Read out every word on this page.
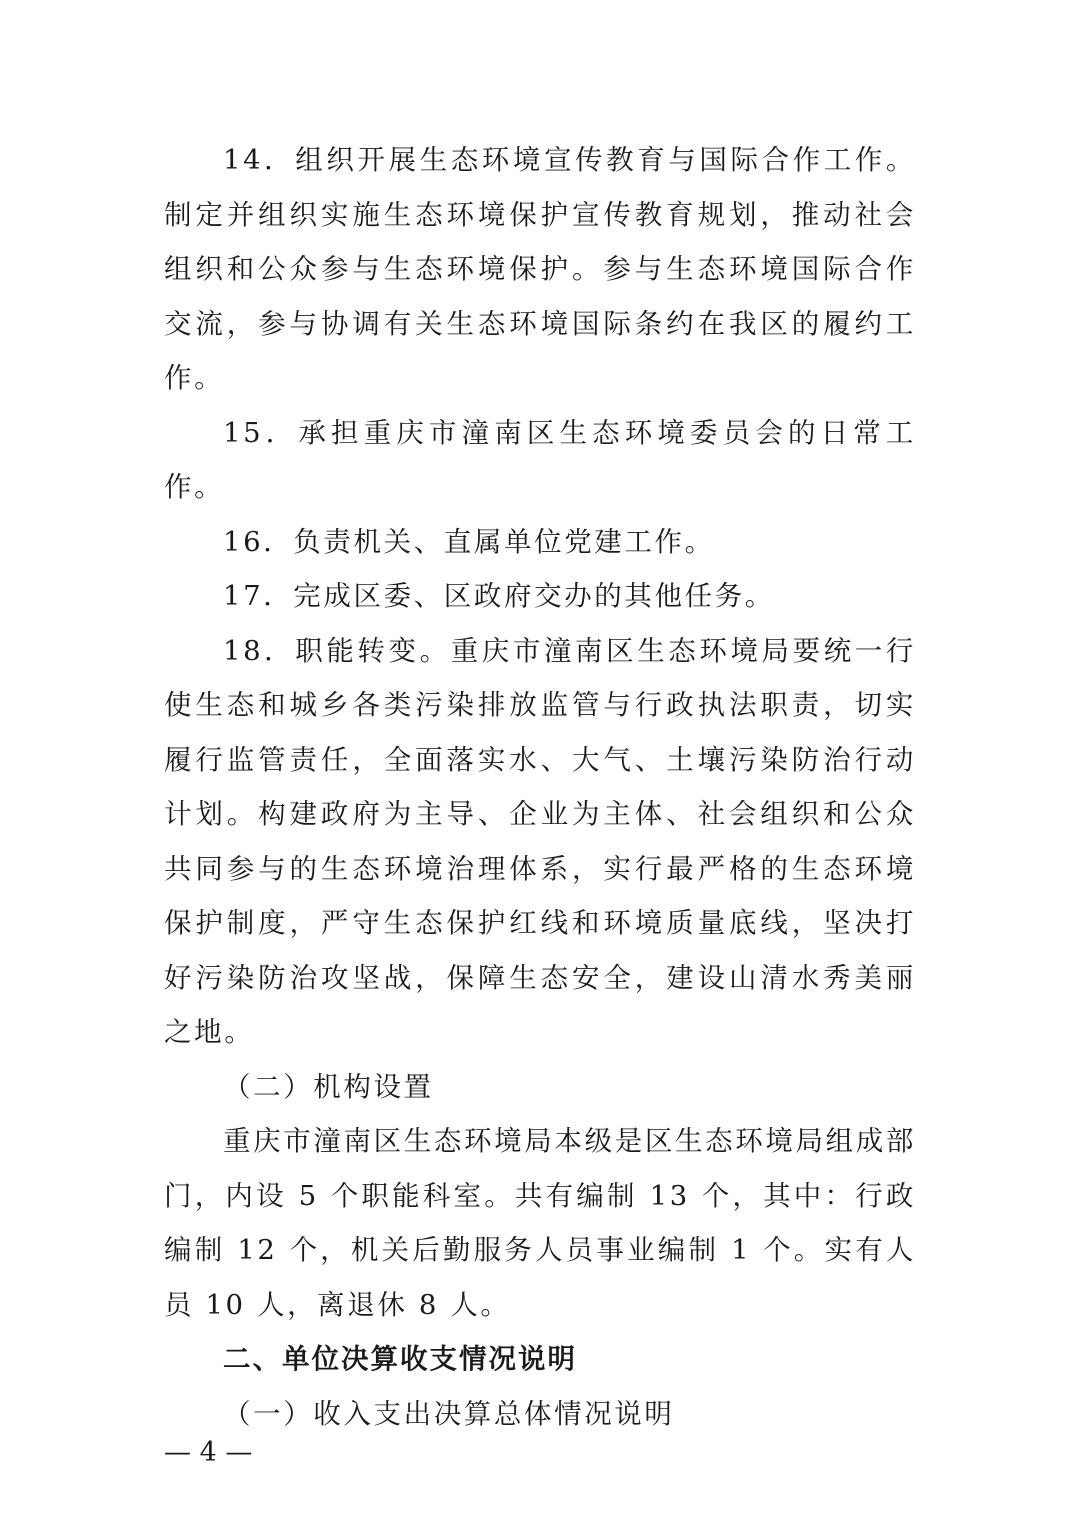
14．组织开展生态环境宣传教育与国际合作工作。制定并组织实施生态环境保护宣传教育规划，推动社会组织和公众参与生态环境保护。参与生态环境国际合作交流，参与协调有关生态环境国际条约在我区的履约工作。

15．承担重庆市潼南区生态环境委员会的日常工作。

16．负责机关、直属单位党建工作。

17．完成区委、区政府交办的其他任务。

18．职能转变。重庆市潼南区生态环境局要统一行使生态和城乡各类污染排放监管与行政执法职责，切实履行监管责任，全面落实水、大气、土壤污染防治行动计划。构建政府为主导、企业为主体、社会组织和公众共同参与的生态环境治理体系，实行最严格的生态环境保护制度，严守生态保护红线和环境质量底线，坚决打好污染防治攻坚战，保障生态安全，建设山清水秀美丽之地。

（二）机构设置

重庆市潼南区生态环境局本级是区生态环境局组成部门，内设 5 个职能科室。共有编制 13 个，其中：行政编制 12 个，机关后勤服务人员事业编制 1 个。实有人员 10 人，离退休 8 人。

二、单位决算收支情况说明

（一）收入支出决算总体情况说明

— 4 —
